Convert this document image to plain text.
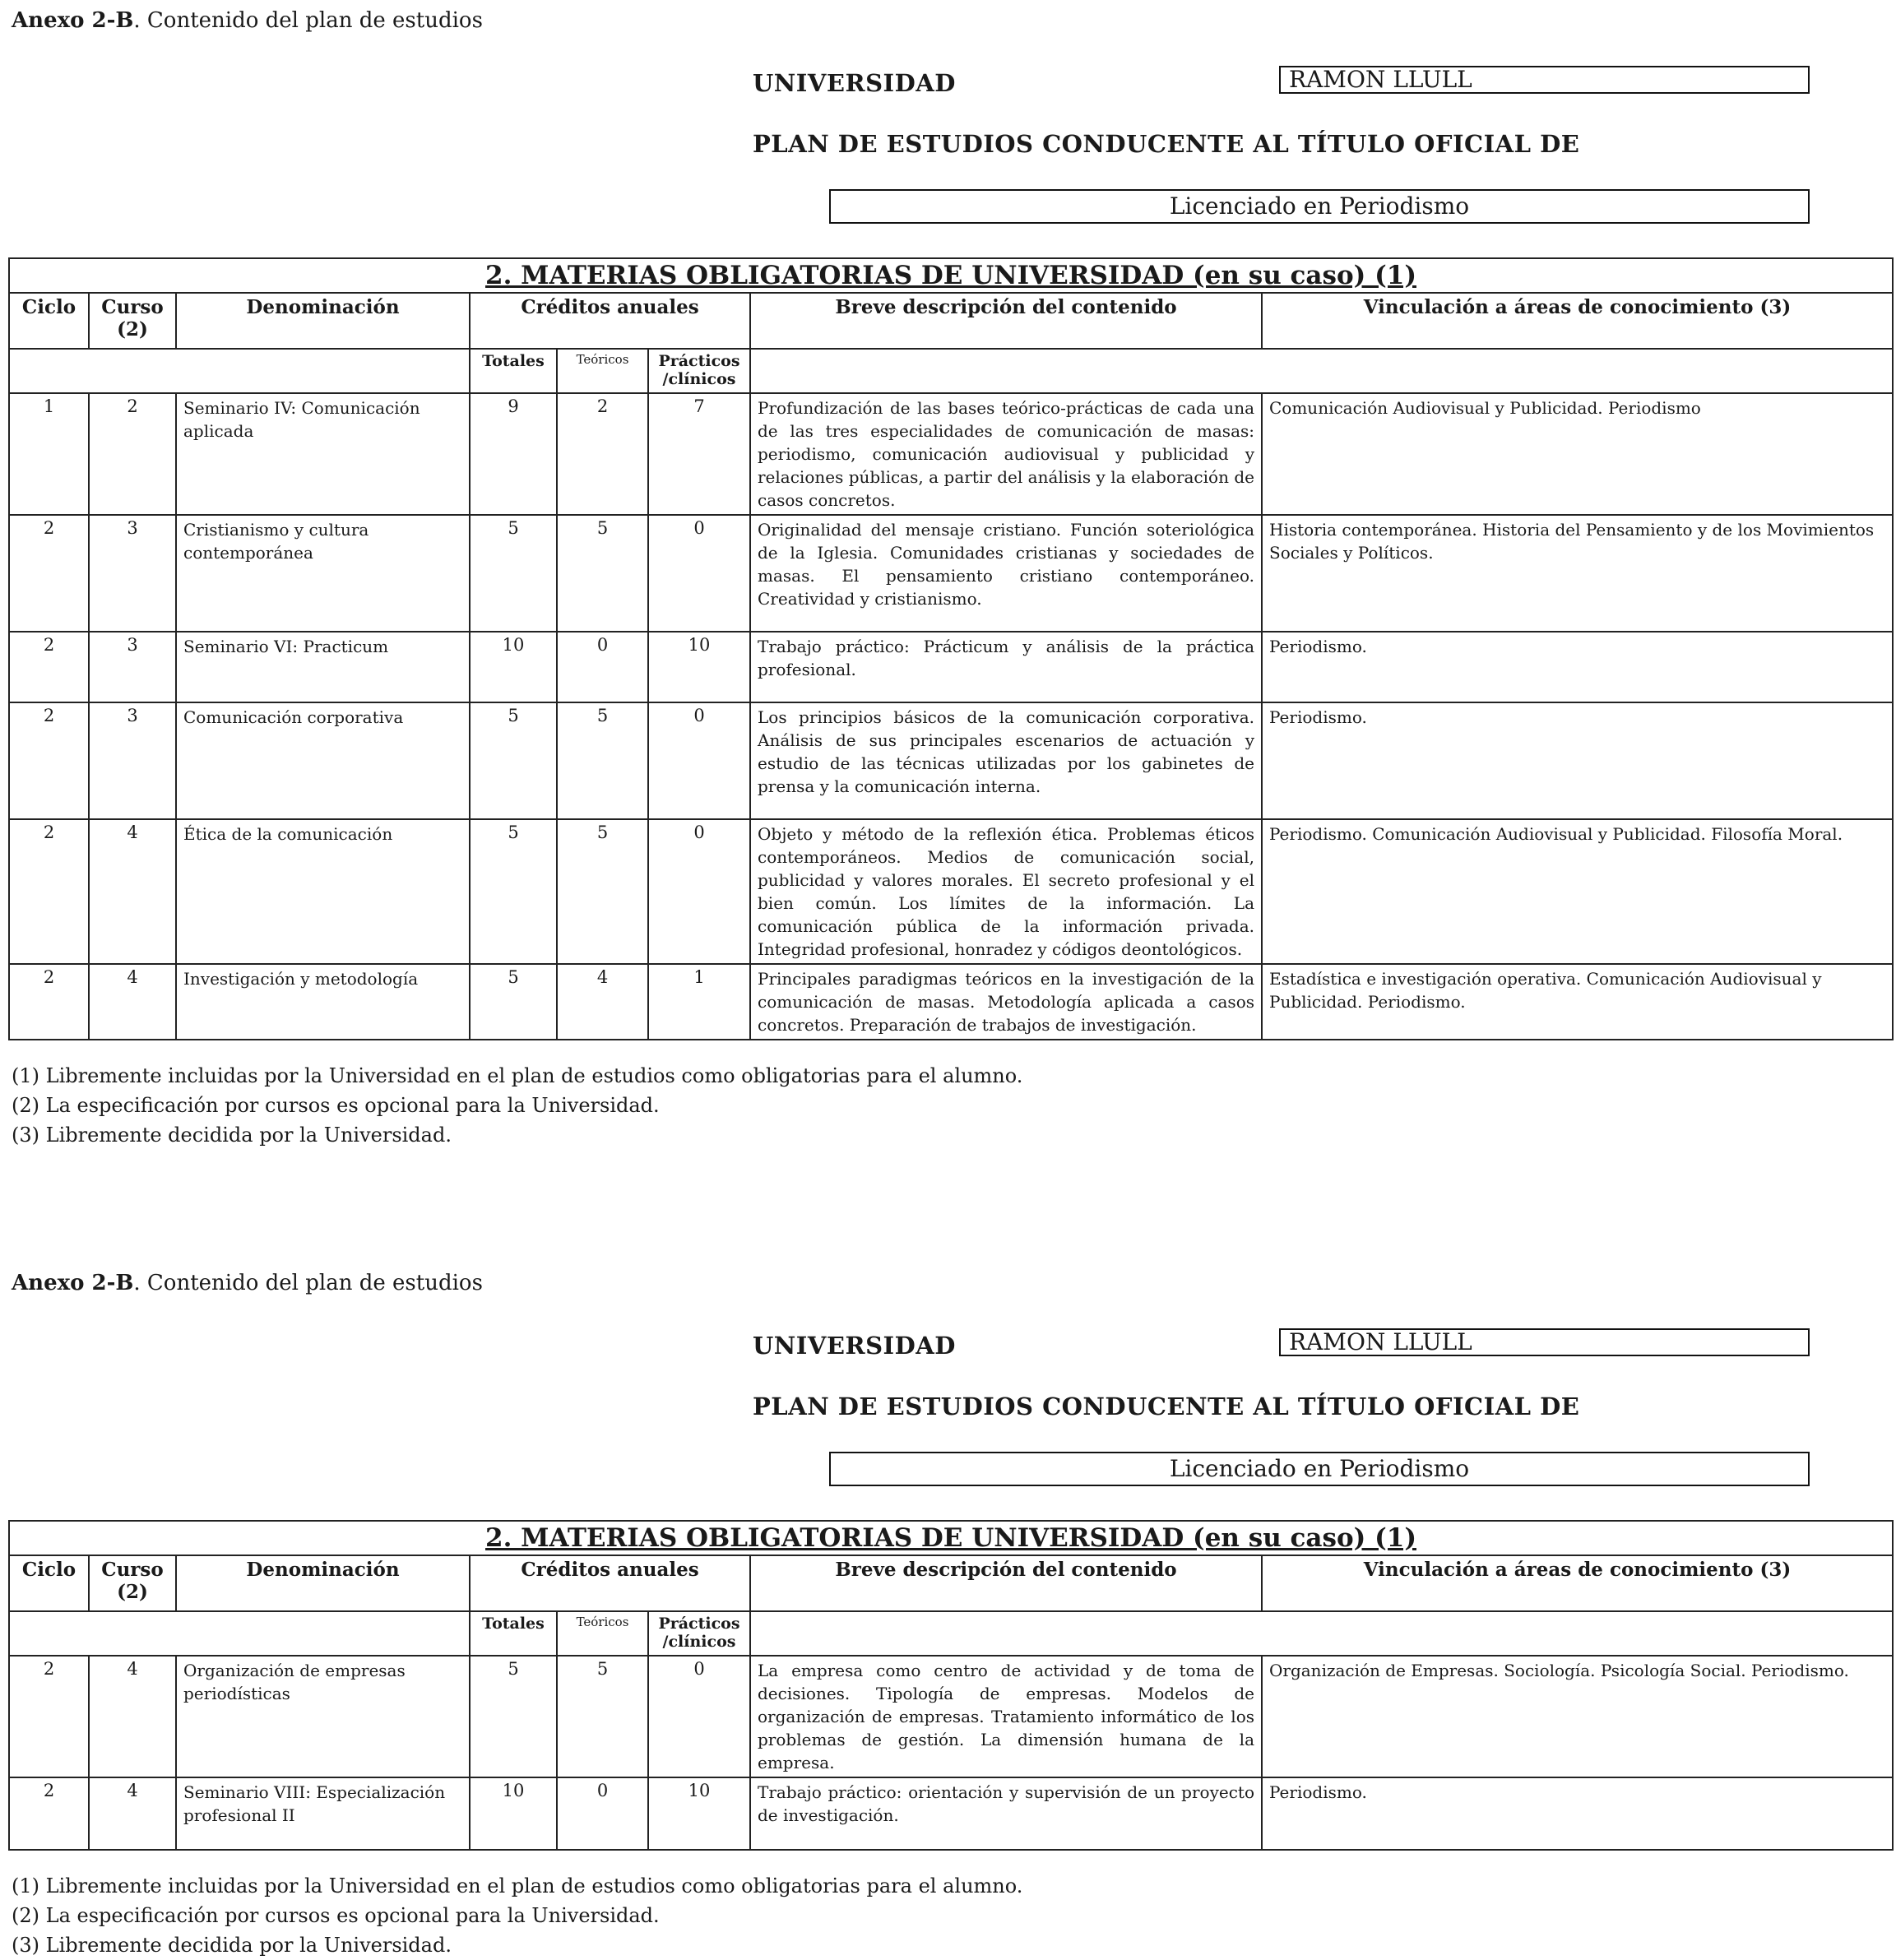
Anexo 2-B. Contenido del plan de estudios
UNIVERSIDAD	RAMON LLULL
PLAN DE ESTUDIOS CONDUCENTE AL TÍTULO OFICIAL DE
Licenciado en Periodismo
2. MATERIAS OBLIGATORIAS DE UNIVERSIDAD (en su caso) (1)							
Ciclo	Curso (2)	Denominación	Créditos anuales			Breve descripción del contenido	Vinculación a áreas de conocimiento (3)
			Totales	Teóricos	Prácticos /clínicos		
1	2	Seminario IV: Comunicación aplicada	9	2	7	Profundización de las bases teórico-prácticas de cada una de las tres especialidades de comunicación de masas: periodismo, comunicación audiovisual y publicidad y relaciones públicas, a partir del análisis y la elaboración de casos concretos.	Comunicación Audiovisual y Publicidad. Periodismo
2	3	Cristianismo y cultura contemporánea	5	5	0	Originalidad del mensaje cristiano. Función soteriológica de la Iglesia. Comunidades cristianas y sociedades de masas. El pensamiento cristiano contemporáneo. Creatividad y cristianismo.	Historia contemporánea. Historia del Pensamiento y de los Movimientos Sociales y Políticos.
2	3	Seminario VI: Practicum	10	0	10	Trabajo práctico: Prácticum y análisis de la práctica profesional.	Periodismo.
2	3	Comunicación corporativa	5	5	0	Los principios básicos de la comunicación corporativa. Análisis de sus principales escenarios de actuación y estudio de las técnicas utilizadas por los gabinetes de prensa y la comunicación interna.	Periodismo.
2	4	Ética de la comunicación	5	5	0	Objeto y método de la reflexión ética. Problemas éticos contemporáneos. Medios de comunicación social, publicidad y valores morales. El secreto profesional y el bien común. Los límites de la información. La comunicación pública de la información privada. Integridad profesional, honradez y códigos deontológicos.	Periodismo. Comunicación Audiovisual y Publicidad. Filosofía Moral.
2	4	Investigación y metodología	5	4	1	Principales paradigmas teóricos en la investigación de la comunicación de masas. Metodología aplicada a casos concretos. Preparación de trabajos de investigación.	Estadística e investigación operativa. Comunicación Audiovisual y Publicidad. Periodismo.
(1) Libremente incluidas por la Universidad en el plan de estudios como obligatorias para el alumno.
(2) La especificación por cursos es opcional para la Universidad.
(3) Libremente decidida por la Universidad.
Anexo 2-B. Contenido del plan de estudios
UNIVERSIDAD	RAMON LLULL
PLAN DE ESTUDIOS CONDUCENTE AL TÍTULO OFICIAL DE
Licenciado en Periodismo
2. MATERIAS OBLIGATORIAS DE UNIVERSIDAD (en su caso) (1)							
Ciclo	Curso (2)	Denominación	Créditos anuales			Breve descripción del contenido	Vinculación a áreas de conocimiento (3)
			Totales	Teóricos	Prácticos /clínicos		
2	4	Organización de empresas periodísticas	5	5	0	La empresa como centro de actividad y de toma de decisiones. Tipología de empresas. Modelos de organización de empresas. Tratamiento informático de los problemas de gestión. La dimensión humana de la empresa.	Organización de Empresas. Sociología. Psicología Social. Periodismo.
2	4	Seminario VIII: Especialización profesional II	10	0	10	Trabajo práctico: orientación y supervisión de un proyecto de investigación.	Periodismo.
(1) Libremente incluidas por la Universidad en el plan de estudios como obligatorias para el alumno.
(2) La especificación por cursos es opcional para la Universidad.
(3) Libremente decidida por la Universidad.
